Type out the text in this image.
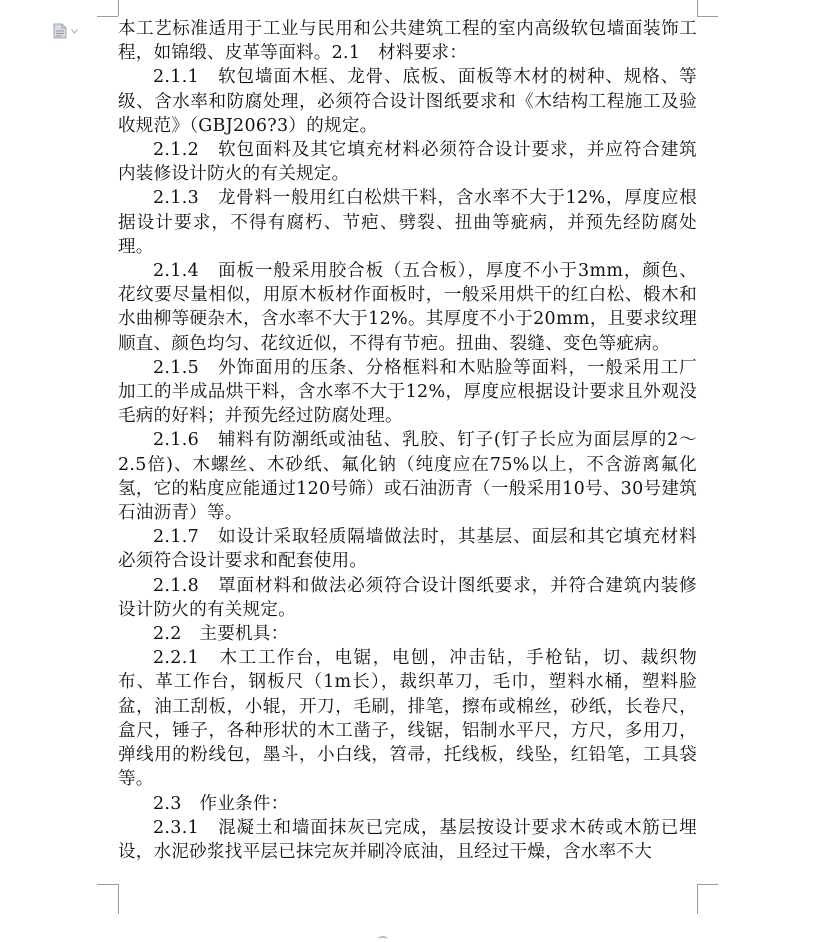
本工艺标准适用于工业与民用和公共建筑工程的室内高级软包墙面装饰工程，如锦缎、皮革等面料。2.1　材料要求：

2.1.1　软包墙面木框、龙骨、底板、面板等木材的树种、规格、等级、含水率和防腐处理，必须符合设计图纸要求和《木结构工程施工及验收规范》（GBJ206?3）的规定。

2.1.2　软包面料及其它填充材料必须符合设计要求，并应符合建筑内装修设计防火的有关规定。

2.1.3　龙骨料一般用红白松烘干料，含水率不大于12%，厚度应根据设计要求，不得有腐朽、节疤、劈裂、扭曲等疵病，并预先经防腐处理。

2.1.4　面板一般采用胶合板（五合板），厚度不小于3mm，颜色、花纹要尽量相似，用原木板材作面板时，一般采用烘干的红白松、椴木和水曲柳等硬杂木，含水率不大于12%。其厚度不小于20mm，且要求纹理顺直、颜色均匀、花纹近似，不得有节疤。扭曲、裂缝、变色等疵病。

2.1.5　外饰面用的压条、分格框料和木贴脸等面料，一般采用工厂加工的半成品烘干料，含水率不大于12%，厚度应根据设计要求且外观没毛病的好料；并预先经过防腐处理。

2.1.6　辅料有防潮纸或油毡、乳胶、钉子(钉子长应为面层厚的2～2.5倍)、木螺丝、木砂纸、氟化钠（纯度应在75%以上，不含游离氟化氢，它的粘度应能通过120号筛）或石油沥青（一般采用10号、30号建筑石油沥青）等。

2.1.7　如设计采取轻质隔墙做法时，其基层、面层和其它填充材料必须符合设计要求和配套使用。

2.1.8　罩面材料和做法必须符合设计图纸要求，并符合建筑内装修设计防火的有关规定。

2.2　主要机具：

2.2.1　木工工作台，电锯，电刨，冲击钻，手枪钻，切、裁织物布、革工作台，钢板尺（1m长），裁织革刀，毛巾，塑料水桶，塑料脸盆，油工刮板，小辊，开刀，毛刷，排笔，擦布或棉丝，砂纸，长卷尺，盒尺，锤子，各种形状的木工凿子，线锯，铝制水平尺，方尺，多用刀，弹线用的粉线包，墨斗，小白线，笤帚，托线板，线坠，红铅笔，工具袋等。

2.3　作业条件：

2.3.1　混凝土和墙面抹灰已完成，基层按设计要求木砖或木筋已埋设，水泥砂浆找平层已抹完灰并刷冷底油，且经过干燥，含水率不大
